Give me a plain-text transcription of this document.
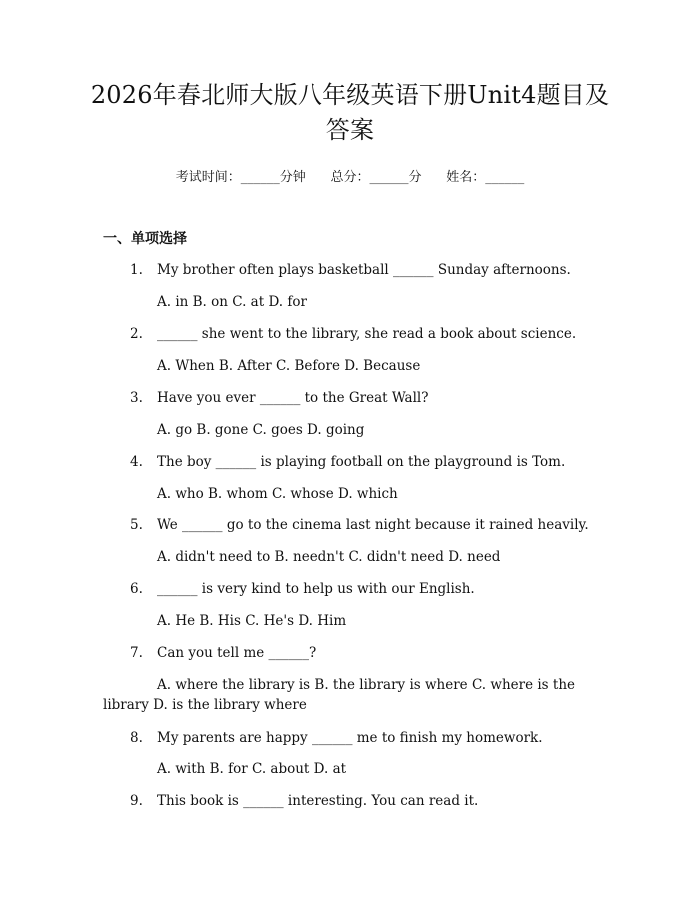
2026年春北师大版八年级英语下册Unit4题目及答案
考试时间：______分钟      总分：______分      姓名：______
一、单项选择
1.	My brother often plays basketball ______ Sunday afternoons.
A. in B. on C. at D. for
2.	______ she went to the library, she read a book about science.
A. When B. After C. Before D. Because
3.	Have you ever ______ to the Great Wall?
A. go B. gone C. goes D. going
4.	The boy ______ is playing football on the playground is Tom.
A. who B. whom C. whose D. which
5.	We ______ go to the cinema last night because it rained heavily.
A. didn't need to B. needn't C. didn't need D. need
6.	______ is very kind to help us with our English.
A. He B. His C. He's D. Him
7.	Can you tell me ______?
A. where the library is B. the library is where C. where is the library D. is the library where
8.	My parents are happy ______ me to finish my homework.
A. with B. for C. about D. at
9.	This book is ______ interesting. You can read it.
